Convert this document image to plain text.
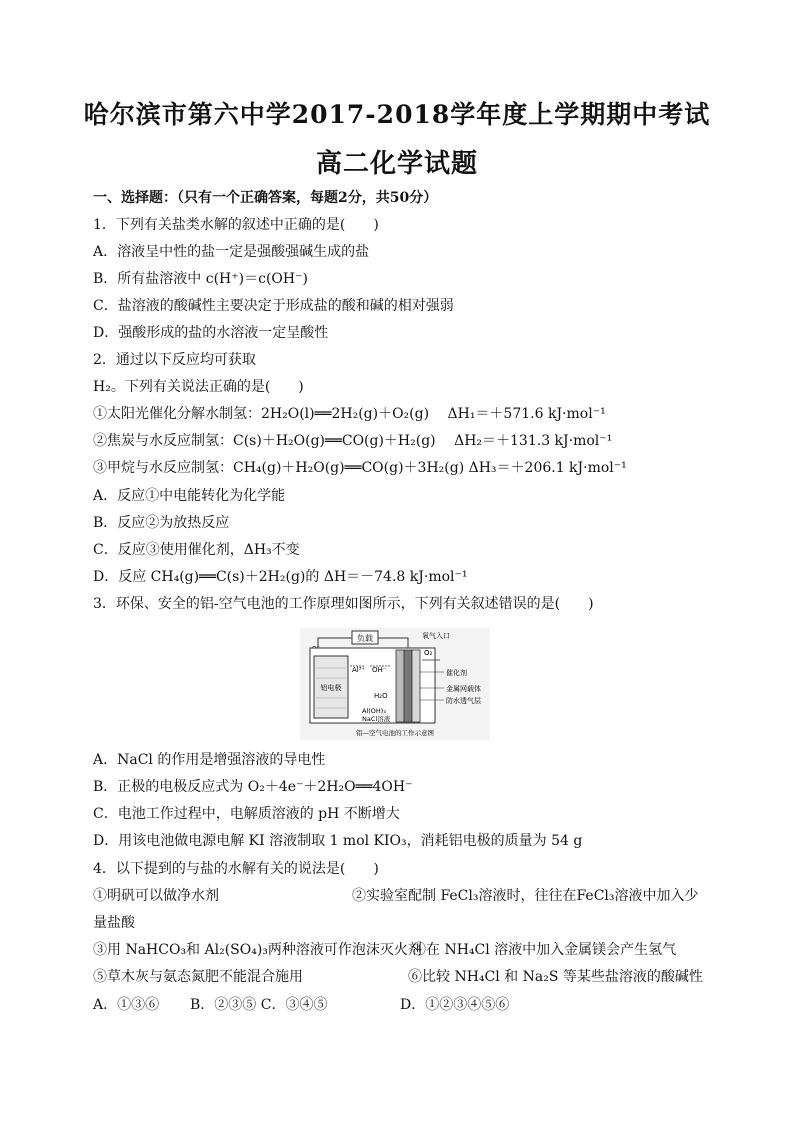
哈尔滨市第六中学2017-2018学年度上学期期中考试
高二化学试题
一、选择题：（只有一个正确答案，每题2分，共50分）
1．下列有关盐类水解的叙述中正确的是(　　)
A．溶液呈中性的盐一定是强酸强碱生成的盐
B．所有盐溶液中 c(H⁺)＝c(OH⁻)
C．盐溶液的酸碱性主要决定于形成盐的酸和碱的相对强弱
D．强酸形成的盐的水溶液一定呈酸性
2．通过以下反应均可获取
H₂。下列有关说法正确的是(　　)
①太阳光催化分解水制氢：2H₂O(l)══2H₂(g)＋O₂(g)　 ΔH₁＝＋571.6 kJ·mol⁻¹
②焦炭与水反应制氢：C(s)＋H₂O(g)══CO(g)＋H₂(g)　 ΔH₂＝＋131.3 kJ·mol⁻¹
③甲烷与水反应制氢：CH₄(g)＋H₂O(g)══CO(g)＋3H₂(g) ΔH₃＝＋206.1 kJ·mol⁻¹
A．反应①中电能转化为化学能
B．反应②为放热反应
C．反应③使用催化剂，ΔH₃不变
D．反应 CH₄(g)══C(s)＋2H₂(g)的 ΔH＝－74.8 kJ·mol⁻¹
3．环保、安全的铝-空气电池的工作原理如图所示，下列有关叙述错误的是(　　)
负载
铝电极
Al³⁺ OH⁻
H₂O
Al(OH)₃
NaCl溶液
氧气入口
O₂
催化剂
金属网载体
防水透气层
铝—空气电池的工作示意图
A．NaCl 的作用是增强溶液的导电性
B．正极的电极反应式为 O₂＋4e⁻＋2H₂O══4OH⁻
C．电池工作过程中，电解质溶液的 pH 不断增大
D．用该电池做电源电解 KI 溶液制取 1 mol KIO₃，消耗铝电极的质量为 54 g
4．以下提到的与盐的水解有关的说法是(　　)
①明矾可以做净水剂	②实验室配制 FeCl₃溶液时，往往在FeCl₃溶液中加入少
量盐酸
③用 NaHCO₃和 Al₂(SO₄)₃两种溶液可作泡沫灭火剂
④在 NH₄Cl 溶液中加入金属镁会产生氢气
⑤草木灰与氨态氮肥不能混合施用	⑥比较 NH₄Cl 和 Na₂S 等某些盐溶液的酸碱性
A．①③⑥ B．②③⑤ C．③④⑤	D．①②③④⑤⑥
